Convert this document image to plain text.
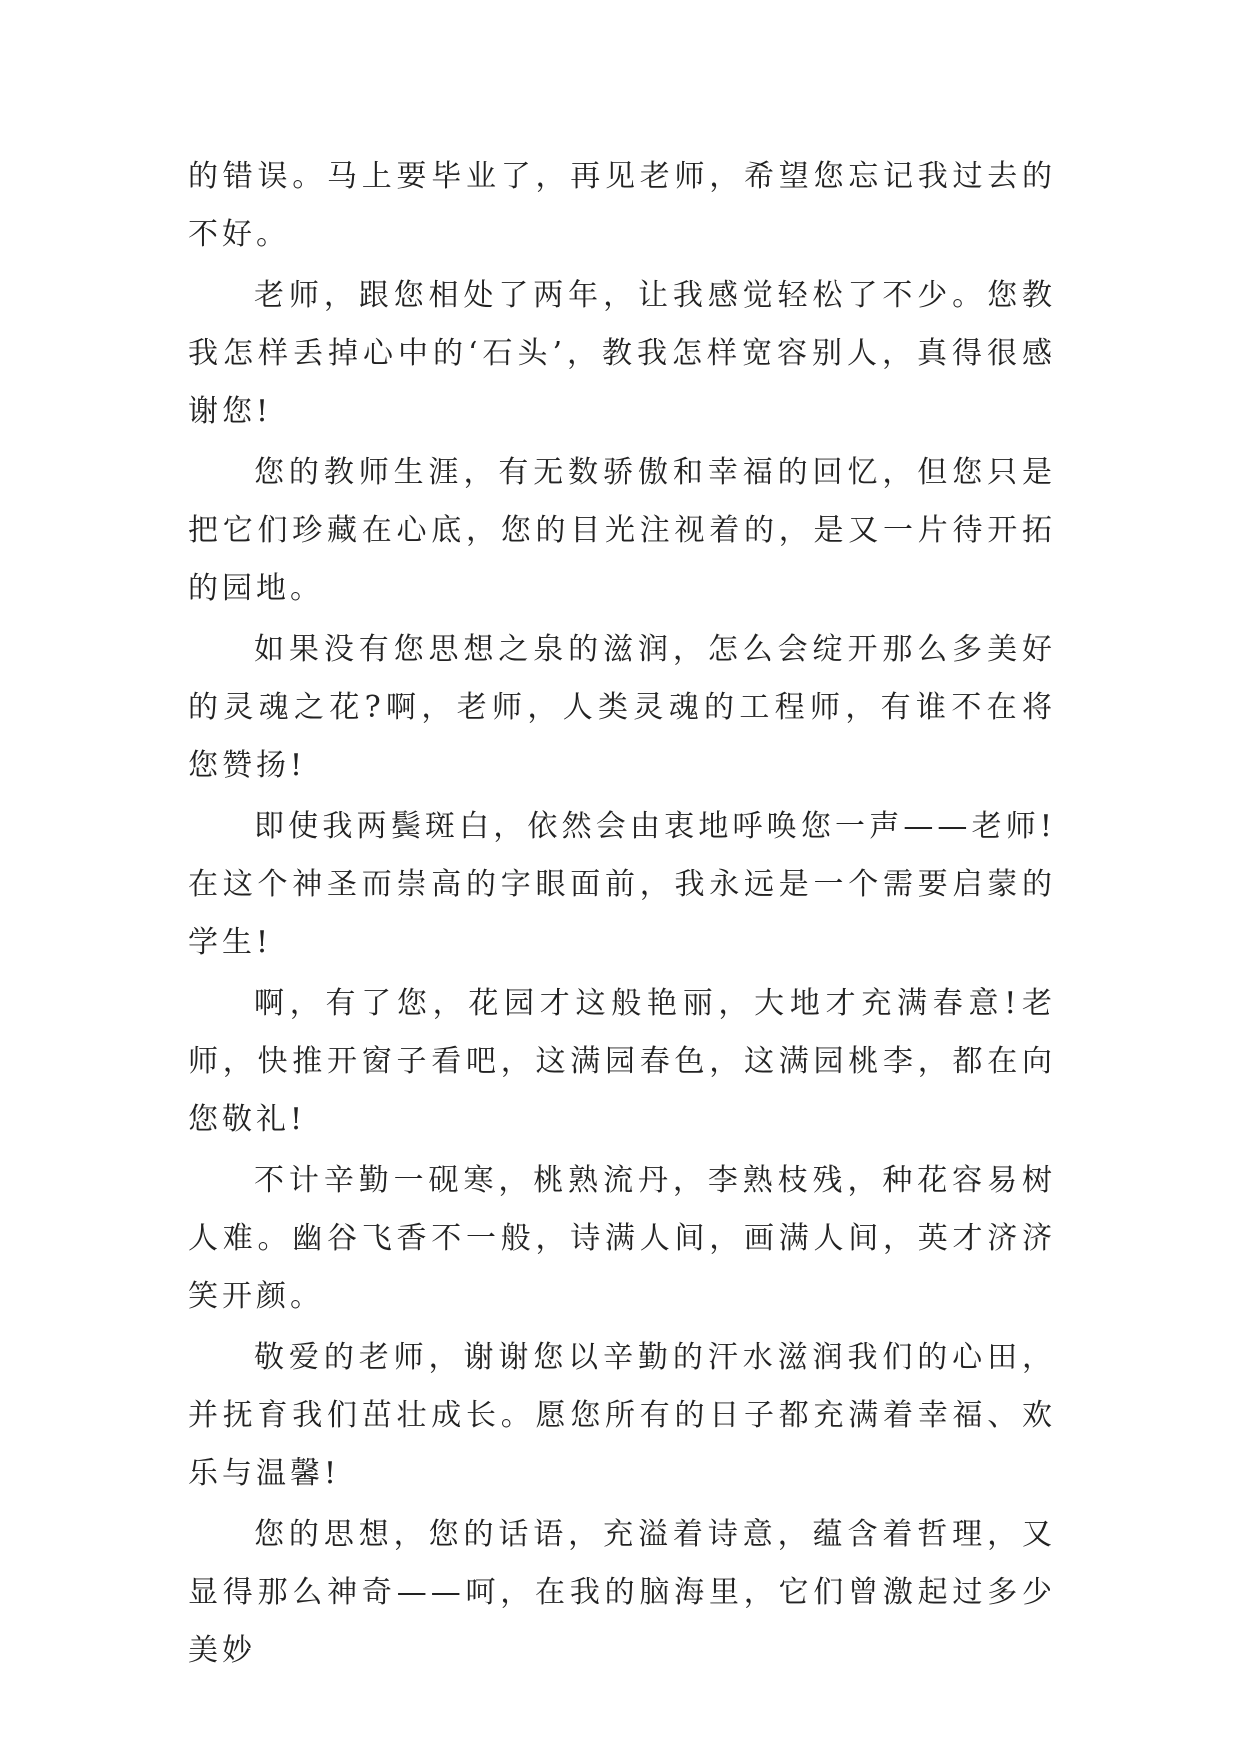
的错误。马上要毕业了，再见老师，希望您忘记我过去的不好。

老师，跟您相处了两年，让我感觉轻松了不少。您教我怎样丢掉心中的‘石头’，教我怎样宽容别人，真得很感谢您!

您的教师生涯，有无数骄傲和幸福的回忆，但您只是把它们珍藏在心底，您的目光注视着的，是又一片待开拓的园地。

如果没有您思想之泉的滋润，怎么会绽开那么多美好的灵魂之花?啊，老师，人类灵魂的工程师，有谁不在将您赞扬!

即使我两鬓斑白，依然会由衷地呼唤您一声——老师!在这个神圣而崇高的字眼面前，我永远是一个需要启蒙的学生!

啊，有了您，花园才这般艳丽，大地才充满春意!老师，快推开窗子看吧，这满园春色，这满园桃李，都在向您敬礼!

不计辛勤一砚寒，桃熟流丹，李熟枝残，种花容易树人难。幽谷飞香不一般，诗满人间，画满人间，英才济济笑开颜。

敬爱的老师，谢谢您以辛勤的汗水滋润我们的心田，并抚育我们茁壮成长。愿您所有的日子都充满着幸福、欢乐与温馨!

您的思想，您的话语，充溢着诗意，蕴含着哲理，又显得那么神奇——呵，在我的脑海里，它们曾激起过多少美妙
